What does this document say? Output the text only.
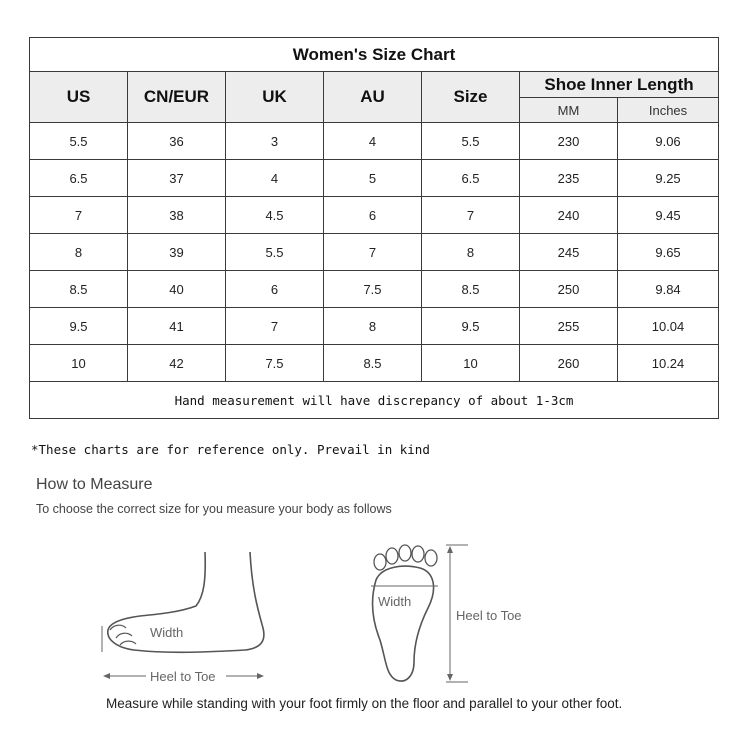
Women's Size Chart						
US	CN/EUR	UK	AU	Size	Shoe Inner Length	
					MM	Inches
5.5	36	3	4	5.5	230	9.06
6.5	37	4	5	6.5	235	9.25
7	38	4.5	6	7	240	9.45
8	39	5.5	7	8	245	9.65
8.5	40	6	7.5	8.5	250	9.84
9.5	41	7	8	9.5	255	10.04
10	42	7.5	8.5	10	260	10.24
Hand measurement will have discrepancy of about 1-3cm						
*These charts are for reference only. Prevail in kind
How to Measure
To choose the correct size for you measure your body as follows
Width
Heel to Toe
Width
Heel to Toe
Measure while standing with your foot firmly on the floor and parallel to your other foot.
